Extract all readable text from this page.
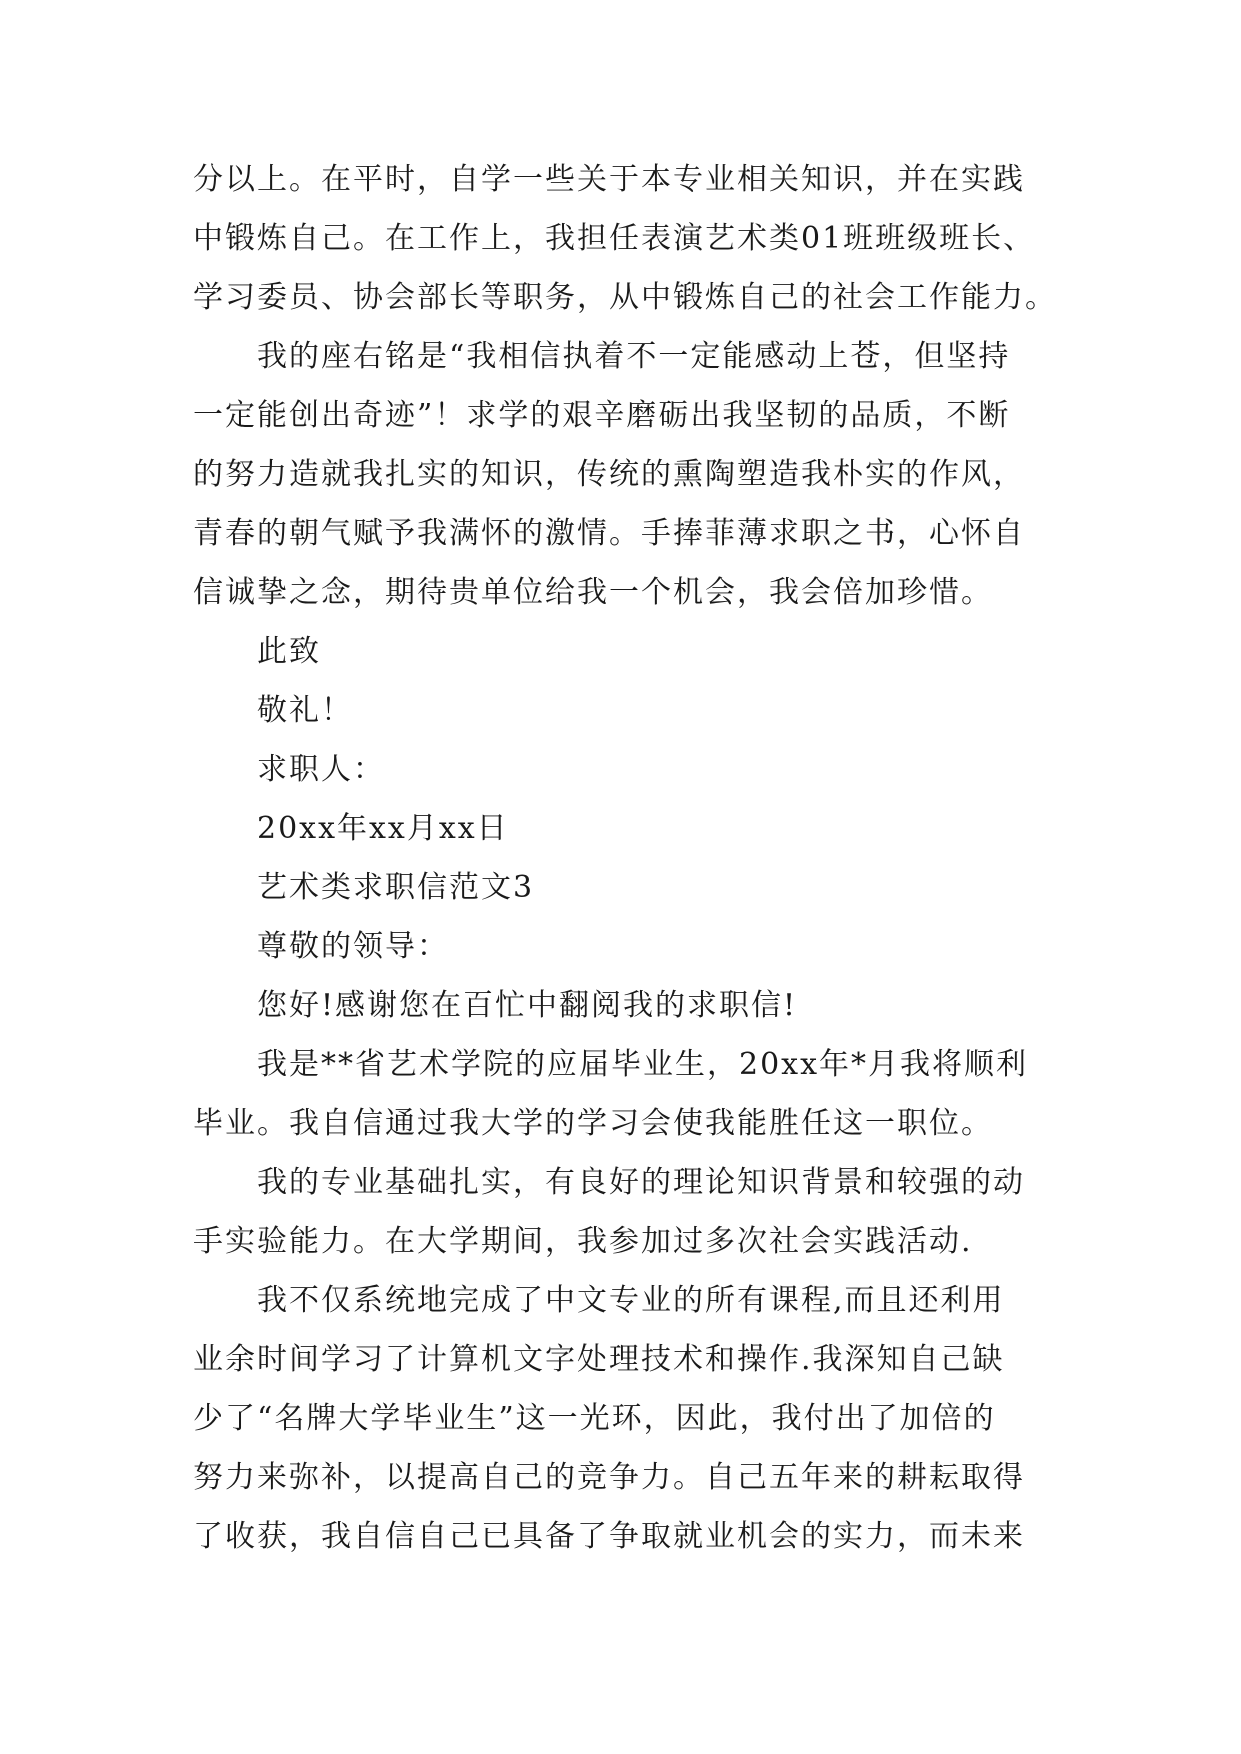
分以上。在平时，自学一些关于本专业相关知识，并在实践
中锻炼自己。在工作上，我担任表演艺术类01班班级班长、
学习委员、协会部长等职务，从中锻炼自己的社会工作能力。
我的座右铭是“我相信执着不一定能感动上苍，但坚持
一定能创出奇迹”！求学的艰辛磨砺出我坚韧的品质，不断
的努力造就我扎实的知识，传统的熏陶塑造我朴实的作风，
青春的朝气赋予我满怀的激情。手捧菲薄求职之书，心怀自
信诚挚之念，期待贵单位给我一个机会，我会倍加珍惜。
此致
敬礼！
求职人：
20xx年xx月xx日
艺术类求职信范文3
尊敬的领导：
您好!感谢您在百忙中翻阅我的求职信!
我是**省艺术学院的应届毕业生，20xx年*月我将顺利
毕业。我自信通过我大学的学习会使我能胜任这一职位。
我的专业基础扎实，有良好的理论知识背景和较强的动
手实验能力。在大学期间，我参加过多次社会实践活动.
我不仅系统地完成了中文专业的所有课程,而且还利用
业余时间学习了计算机文字处理技术和操作.我深知自己缺
少了“名牌大学毕业生”这一光环，因此，我付出了加倍的
努力来弥补，以提高自己的竞争力。自己五年来的耕耘取得
了收获，我自信自己已具备了争取就业机会的实力，而未来
